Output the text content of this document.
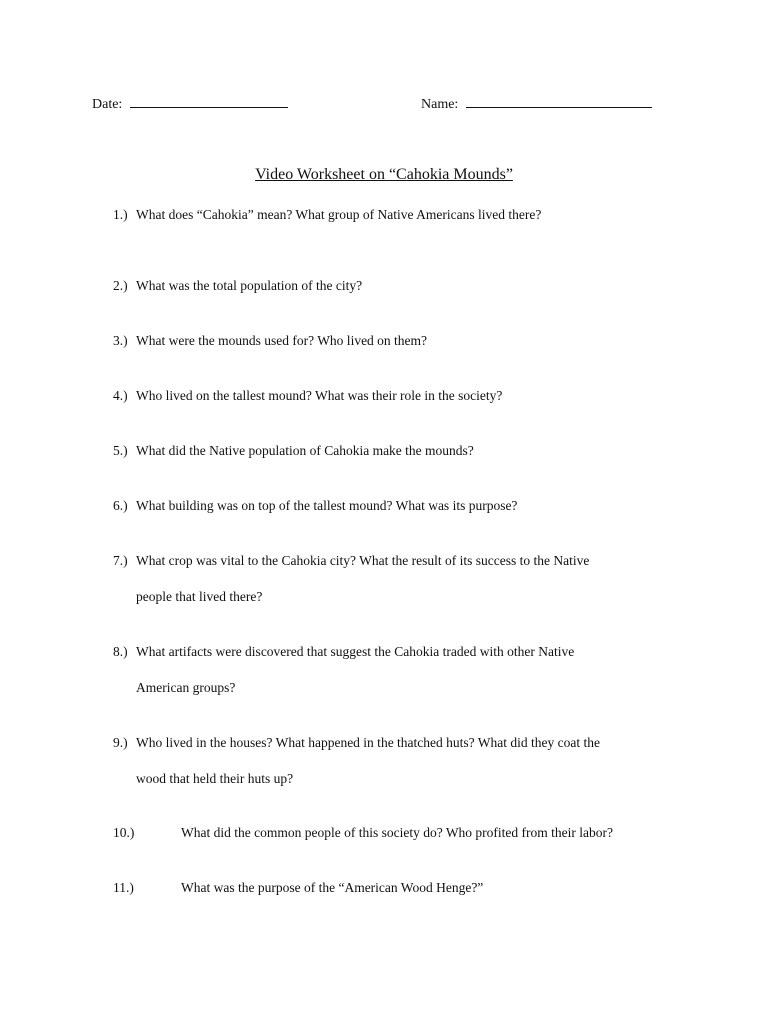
Date:	Name:
Video Worksheet on “Cahokia Mounds”
1.) What does “Cahokia” mean? What group of Native Americans lived there?
2.) What was the total population of the city?
3.) What were the mounds used for? Who lived on them?
4.) Who lived on the tallest mound? What was their role in the society?
5.) What did the Native population of Cahokia make the mounds?
6.) What building was on top of the tallest mound? What was its purpose?
7.) What crop was vital to the Cahokia city? What the result of its success to the Native
people that lived there?
8.) What artifacts were discovered that suggest the Cahokia traded with other Native
American groups?
9.) Who lived in the houses? What happened in the thatched huts? What did they coat the
wood that held their huts up?
10.)	What did the common people of this society do? Who profited from their labor?
11.)	What was the purpose of the “American Wood Henge?”
